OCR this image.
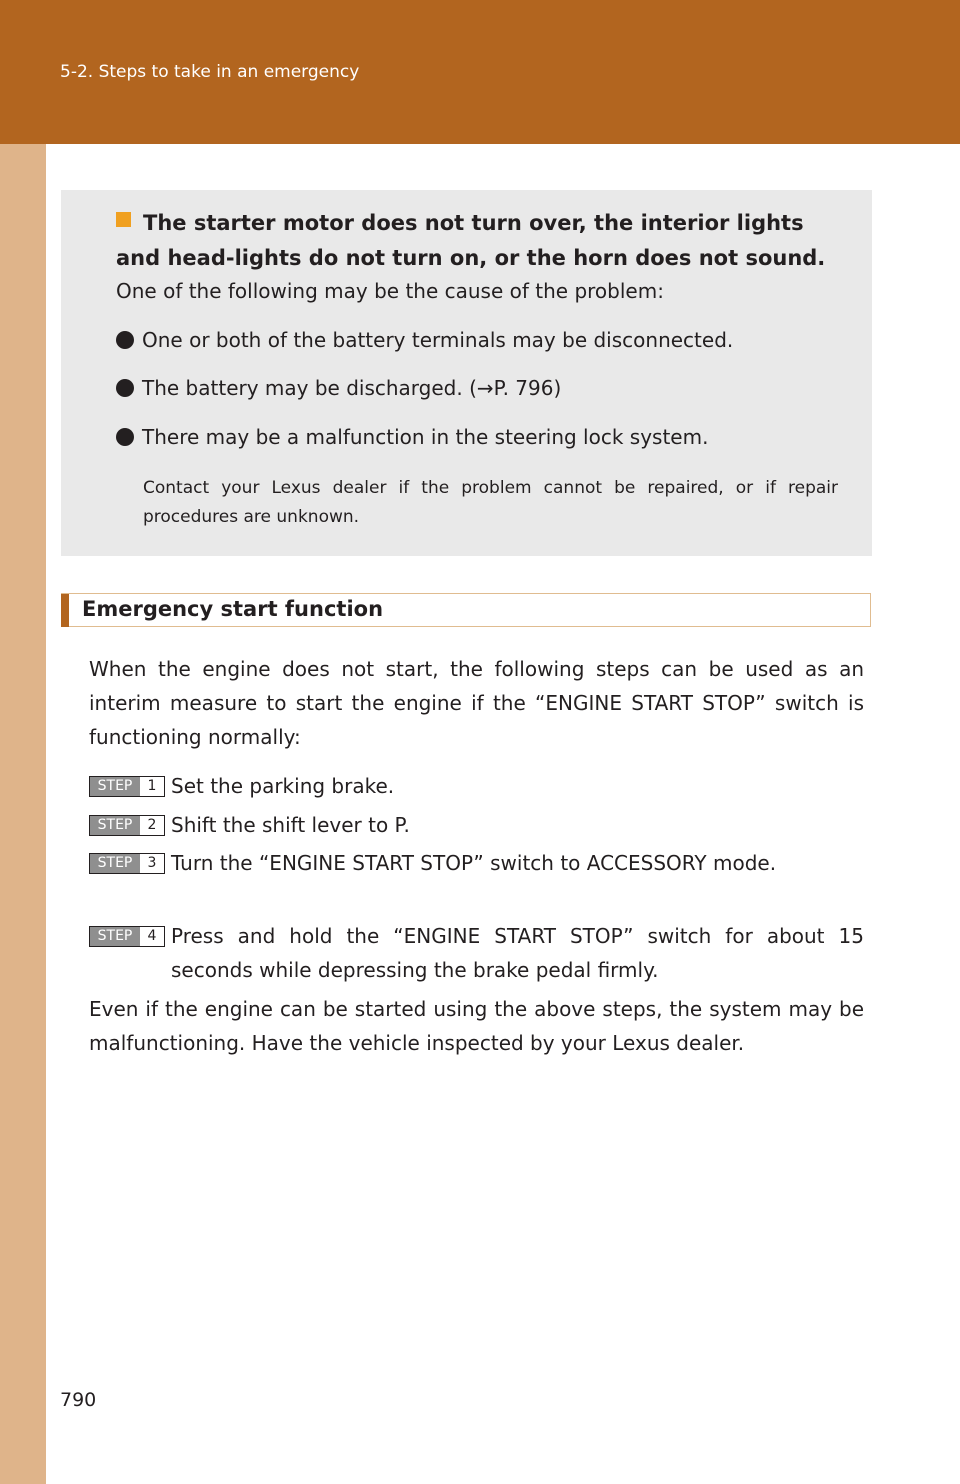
5-2. Steps to take in an emergency
The starter motor does not turn over, the interior lights and head-lights do not turn on, or the horn does not sound.
One of the following may be the cause of the problem:
One or both of the battery terminals may be disconnected.
The battery may be discharged. (→P. 796)
There may be a malfunction in the steering lock system.
Contact your Lexus dealer if the problem cannot be repaired, or if repair procedures are unknown.
Emergency start function
When the engine does not start, the following steps can be used as an interim measure to start the engine if the “ENGINE START STOP” switch is functioning normally:
STEP	1 Set the parking brake.
STEP	2 Shift the shift lever to P.
STEP	3 Turn the “ENGINE START STOP” switch to ACCESSORY mode.
STEP	4 Press and hold the “ENGINE START STOP” switch for about 15 seconds while depressing the brake pedal firmly.
Even if the engine can be started using the above steps, the system may be malfunctioning. Have the vehicle inspected by your Lexus dealer.
790
